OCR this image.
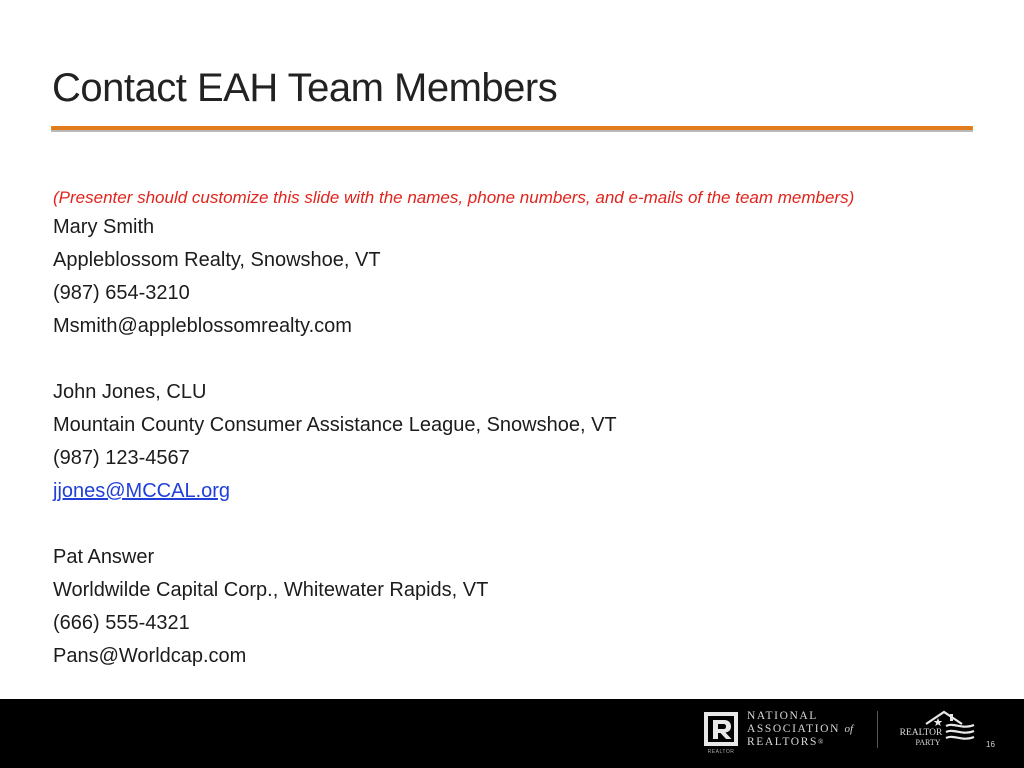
Contact EAH Team Members
(Presenter should customize this slide with the names, phone numbers, and e-mails of the team members)
Mary Smith
Appleblossom Realty, Snowshoe, VT
(987) 654-3210
Msmith@appleblossomrealty.com
John Jones, CLU
Mountain County Consumer Assistance League, Snowshoe, VT
(987) 123-4567
jjones@MCCAL.org
Pat Answer
Worldwilde Capital Corp., Whitewater Rapids, VT
(666) 555-4321
Pans@Worldcap.com
REALTOR
NATIONAL
ASSOCIATION of
REALTORS®
REALTOR
PARTY	16
